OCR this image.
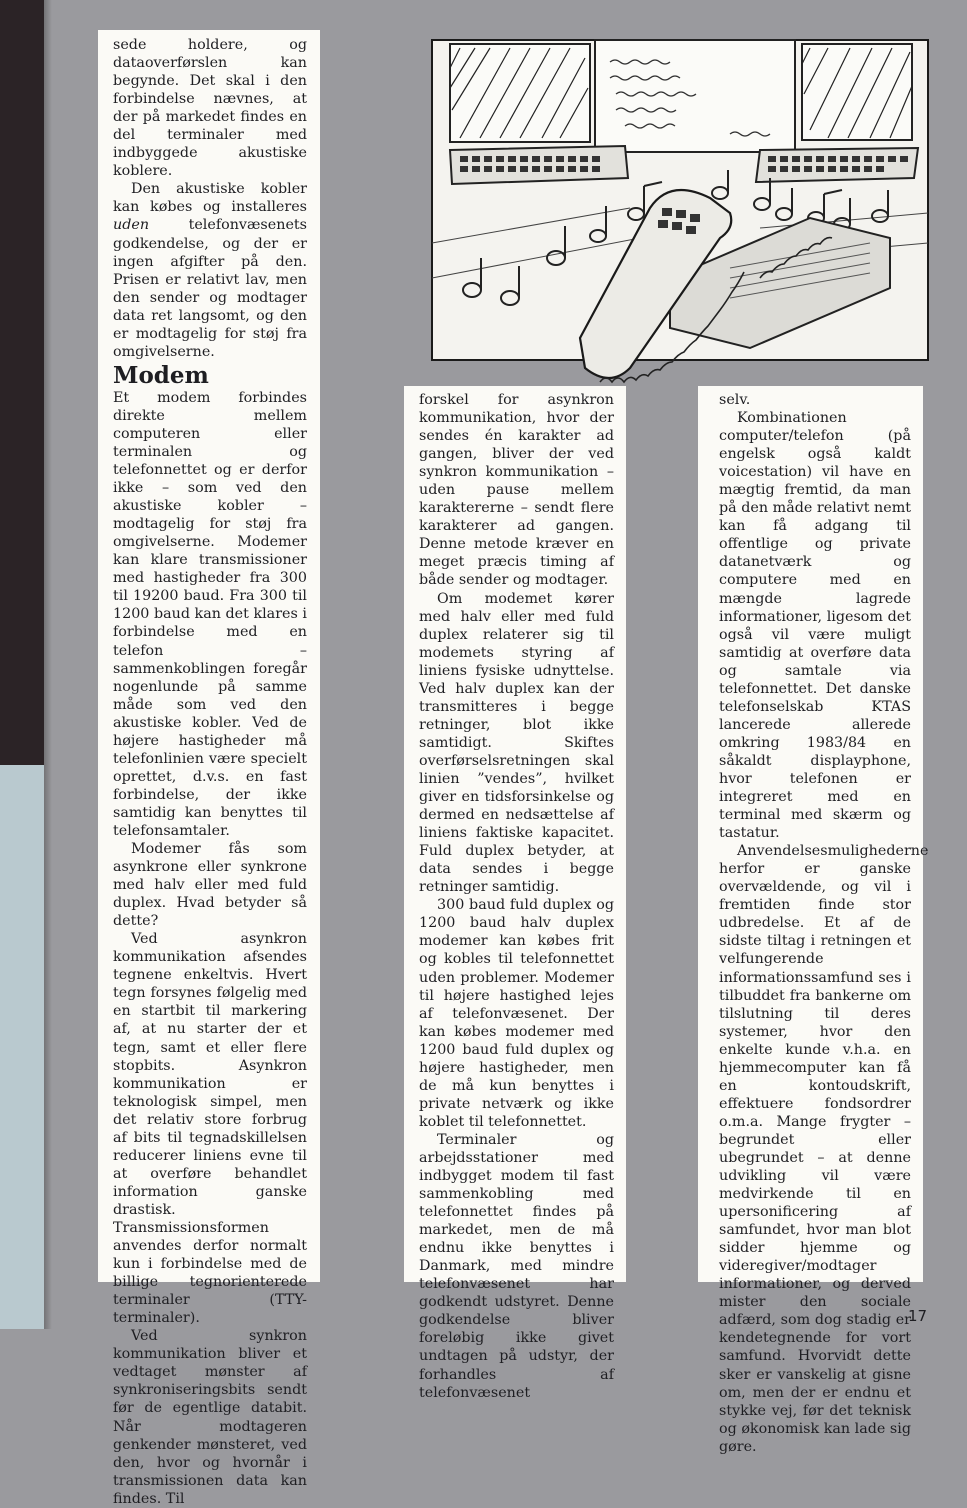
sede holdere, og dataoverførslen kan begynde. Det skal i den forbindelse nævnes, at der på markedet findes en del terminaler med indbyggede akustiske koblere.

Den akustiske kobler kan købes og installeres uden telefonvæsenets godkendelse, og der er ingen afgifter på den. Prisen er relativt lav, men den sender og modtager data ret langsomt, og den er modtagelig for støj fra omgivelserne.

Modem

Et modem forbindes direkte mellem computeren eller terminalen og telefonnettet og er derfor ikke – som ved den akustiske kobler – modtagelig for støj fra omgivelserne. Modemer kan klare transmissioner med hastigheder fra 300 til 19200 baud. Fra 300 til 1200 baud kan det klares i forbindelse med en telefon – sammenkoblingen foregår nogenlunde på samme måde som ved den akustiske kobler. Ved de højere hastigheder må telefonlinien være specielt oprettet, d.v.s. en fast forbindelse, der ikke samtidig kan benyttes til telefonsamtaler.

Modemer fås som asynkrone eller synkrone med halv eller med fuld duplex. Hvad betyder så dette?

Ved asynkron kommunikation afsendes tegnene enkeltvis. Hvert tegn forsynes følgelig med en startbit til markering af, at nu starter der et tegn, samt et eller flere stopbits. Asynkron kommunikation er teknologisk simpel, men det relativ store forbrug af bits til tegnadskillelsen reducerer liniens evne til at overføre behandlet information ganske drastisk. Transmissionsformen anvendes derfor normalt kun i forbindelse med de billige tegnorienterede terminaler (TTY-terminaler).

Ved synkron kommunikation bliver et vedtaget mønster af synkroniseringsbits sendt før de egentlige databit. Når modtageren genkender mønsteret, ved den, hvor og hvornår i transmissionen data kan findes. Til

forskel for asynkron kommunikation, hvor der sendes én karakter ad gangen, bliver der ved synkron kommunikation – uden pause mellem karaktererne – sendt flere karakterer ad gangen. Denne metode kræver en meget præcis timing af både sender og modtager.

Om modemet kører med halv eller med fuld duplex relaterer sig til modemets styring af liniens fysiske udnyttelse. Ved halv duplex kan der transmitteres i begge retninger, blot ikke samtidigt. Skiftes overførselsretningen skal linien ”vendes”, hvilket giver en tidsforsinkelse og dermed en nedsættelse af liniens faktiske kapacitet. Fuld duplex betyder, at data sendes i begge retninger samtidig.

300 baud fuld duplex og 1200 baud halv duplex modemer kan købes frit og kobles til telefonnettet uden problemer. Modemer til højere hastighed lejes af telefonvæsenet. Der kan købes modemer med 1200 baud fuld duplex og højere hastigheder, men de må kun benyttes i private netværk og ikke koblet til telefonnettet.

Terminaler og arbejdsstationer med indbygget modem til fast sammenkobling med telefonnettet findes på markedet, men de må endnu ikke benyttes i Danmark, med mindre telefonvæsenet har godkendt udstyret. Denne godkendelse bliver foreløbig ikke givet undtagen på udstyr, der forhandles af telefonvæsenet

selv.

Kombinationen computer/telefon (på engelsk også kaldt voicestation) vil have en mægtig fremtid, da man på den måde relativt nemt kan få adgang til offentlige og private datanetværk og computere med en mængde lagrede informationer, ligesom det også vil være muligt samtidig at overføre data og samtale via telefonnettet. Det danske telefonselskab KTAS lancerede allerede omkring 1983/84 en såkaldt displayphone, hvor telefonen er integreret med en terminal med skærm og tastatur.

Anvendelsesmulighederne herfor er ganske overvældende, og vil i fremtiden finde stor udbredelse. Et af de sidste tiltag i retningen et velfungerende informationssamfund ses i tilbuddet fra bankerne om tilslutning til deres systemer, hvor den enkelte kunde v.h.a. en hjemmecomputer kan få en kontoudskrift, effektuere fondsordrer o.m.a. Mange frygter – begrundet eller ubegrundet – at denne udvikling vil være medvirkende til en upersonificering af samfundet, hvor man blot sidder hjemme og videregiver/modtager informationer, og derved mister den sociale adfærd, som dog stadig er kendetegnende for vort samfund. Hvorvidt dette sker er vanskelig at gisne om, men der er endnu et stykke vej, før det teknisk og økonomisk kan lade sig gøre.

17
